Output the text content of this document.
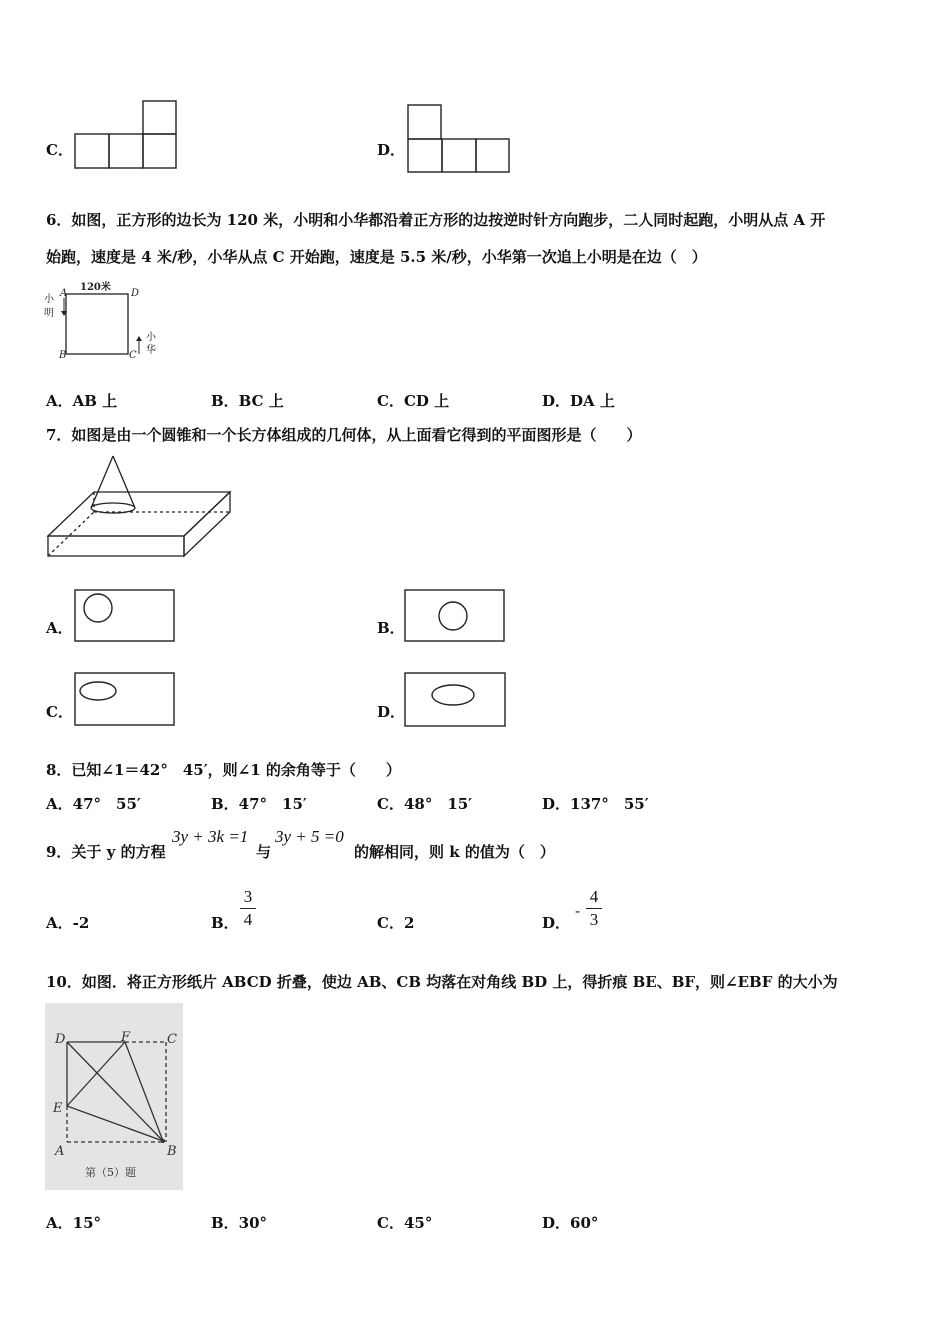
C．	D．
6．如图，正方形的边长为 120 米，小明和小华都沿着正方形的边按逆时针方向跑步，二人同时起跑，小明从点 A 开
始跑，速度是 4 米/秒，小华从点 C 开始跑，速度是 5.5 米/秒，小华第一次追上小明是在边（　）
120米
A	D
B	C
小
明
小
华
A．AB 上	B．BC 上	C．CD 上	D．DA 上
7．如图是由一个圆锥和一个长方体组成的几何体，从上面看它得到的平面图形是（　　）
A．	B．
C．	D．
8．已知∠1＝42°　45′，则∠1 的余角等于（　　）
A．47°　55′	B．47°　15′	C．48°　15′	D．137°　55′
9．关于 y 的方程
3y + 3k =1
与
3y + 5 =0
的解相同，则 k 的值为（　）
A．-2	B．
3
4	C．2	D．
-
4
3
10．如图．将正方形纸片 ABCD 折叠，使边 AB、CB 均落在对角线 BD 上，得折痕 BE、BF，则∠EBF 的大小为
D	F	C
E
A	B
第（5）题
A．15°	B．30°	C．45°	D．60°
